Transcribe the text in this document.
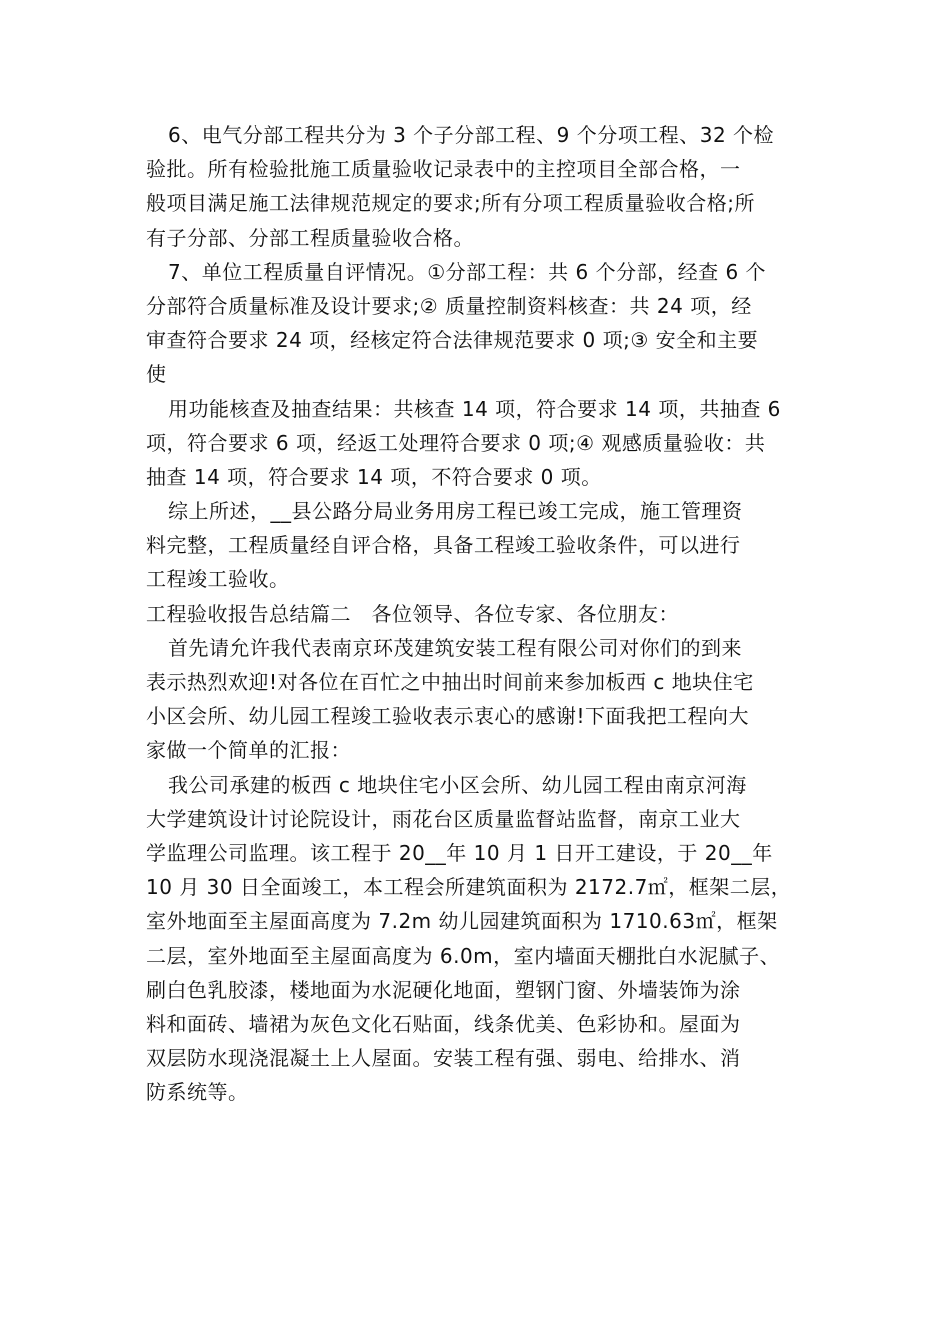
6、电气分部工程共分为 3 个子分部工程、9 个分项工程、32 个检
验批。所有检验批施工质量验收记录表中的主控项目全部合格，一
般项目满足施工法律规范规定的要求;所有分项工程质量验收合格;所
有子分部、分部工程质量验收合格。
7、单位工程质量自评情况。①分部工程：共 6 个分部，经查 6 个
分部符合质量标准及设计要求;② 质量控制资料核查：共 24 项，经
审查符合要求 24 项，经核定符合法律规范要求 0 项;③ 安全和主要
使
用功能核查及抽查结果：共核查 14 项，符合要求 14 项，共抽查 6
项，符合要求 6 项，经返工处理符合要求 0 项;④ 观感质量验收：共
抽查 14 项，符合要求 14 项，不符合要求 0 项。
综上所述，__县公路分局业务用房工程已竣工完成，施工管理资
料完整，工程质量经自评合格，具备工程竣工验收条件，可以进行
工程竣工验收。
工程验收报告总结篇二　各位领导、各位专家、各位朋友：
首先请允许我代表南京环茂建筑安装工程有限公司对你们的到来
表示热烈欢迎!对各位在百忙之中抽出时间前来参加板西 c 地块住宅
小区会所、幼儿园工程竣工验收表示衷心的感谢!下面我把工程向大
家做一个简单的汇报：
我公司承建的板西 c 地块住宅小区会所、幼儿园工程由南京河海
大学建筑设计讨论院设计，雨花台区质量监督站监督，南京工业大
学监理公司监理。该工程于 20__年 10 月 1 日开工建设，于 20__年
10 月 30 日全面竣工，本工程会所建筑面积为 2172.7㎡，框架二层，
室外地面至主屋面高度为 7.2m 幼儿园建筑面积为 1710.63㎡，框架
二层，室外地面至主屋面高度为 6.0m，室内墙面天棚批白水泥腻子、
刷白色乳胶漆，楼地面为水泥硬化地面，塑钢门窗、外墙装饰为涂
料和面砖、墙裙为灰色文化石贴面，线条优美、色彩协和。屋面为
双层防水现浇混凝土上人屋面。安装工程有强、弱电、给排水、消
防系统等。
